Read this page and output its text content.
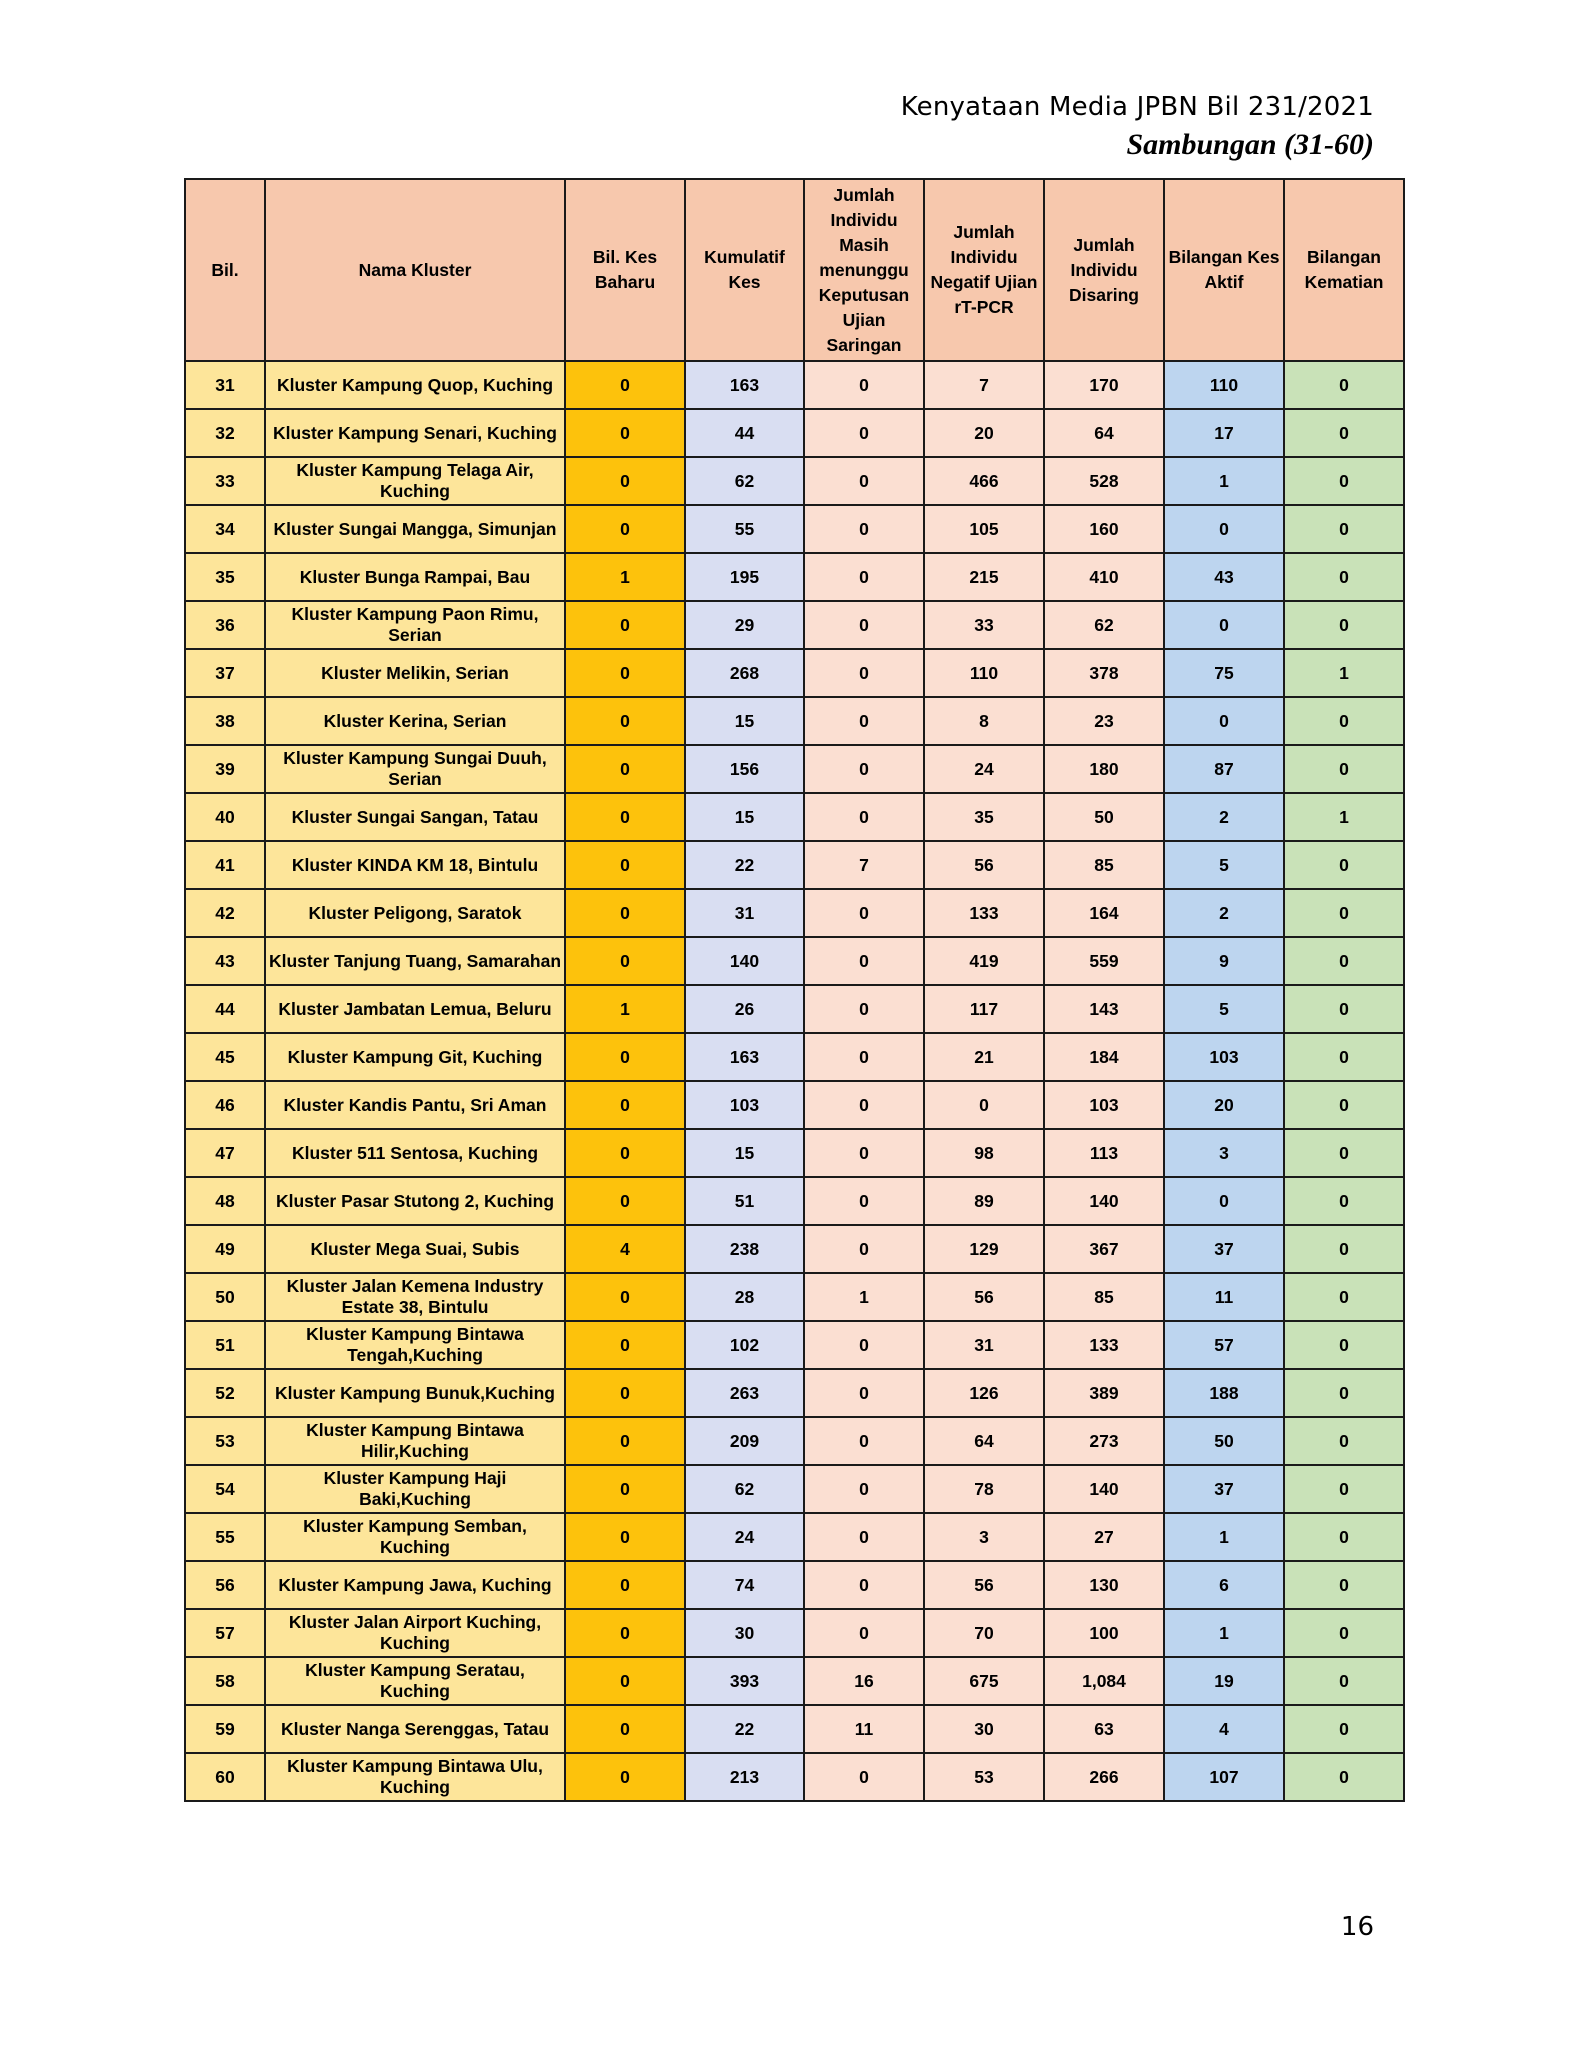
Kenyataan Media JPBN Bil 231/2021
Sambungan (31-60)
Bil.	Nama Kluster	Bil. Kes Baharu	Kumulatif Kes	Jumlah Individu Masih menunggu Keputusan Ujian Saringan	Jumlah Individu Negatif Ujian rT-PCR	Jumlah Individu Disaring	Bilangan Kes Aktif	Bilangan Kematian
31	Kluster Kampung Quop, Kuching	0	163	0	7	170	110	0
32	Kluster Kampung Senari, Kuching	0	44	0	20	64	17	0
33	Kluster Kampung Telaga Air, Kuching	0	62	0	466	528	1	0
34	Kluster Sungai Mangga, Simunjan	0	55	0	105	160	0	0
35	Kluster Bunga Rampai, Bau	1	195	0	215	410	43	0
36	Kluster Kampung Paon Rimu, Serian	0	29	0	33	62	0	0
37	Kluster Melikin, Serian	0	268	0	110	378	75	1
38	Kluster Kerina, Serian	0	15	0	8	23	0	0
39	Kluster Kampung Sungai Duuh, Serian	0	156	0	24	180	87	0
40	Kluster Sungai Sangan, Tatau	0	15	0	35	50	2	1
41	Kluster KINDA KM 18, Bintulu	0	22	7	56	85	5	0
42	Kluster Peligong, Saratok	0	31	0	133	164	2	0
43	Kluster Tanjung Tuang, Samarahan	0	140	0	419	559	9	0
44	Kluster Jambatan Lemua, Beluru	1	26	0	117	143	5	0
45	Kluster Kampung Git, Kuching	0	163	0	21	184	103	0
46	Kluster Kandis Pantu, Sri Aman	0	103	0	0	103	20	0
47	Kluster 511 Sentosa, Kuching	0	15	0	98	113	3	0
48	Kluster Pasar Stutong 2, Kuching	0	51	0	89	140	0	0
49	Kluster Mega Suai, Subis	4	238	0	129	367	37	0
50	Kluster Jalan Kemena Industry Estate 38, Bintulu	0	28	1	56	85	11	0
51	Kluster Kampung Bintawa Tengah,Kuching	0	102	0	31	133	57	0
52	Kluster Kampung Bunuk,Kuching	0	263	0	126	389	188	0
53	Kluster Kampung Bintawa Hilir,Kuching	0	209	0	64	273	50	0
54	Kluster Kampung Haji Baki,Kuching	0	62	0	78	140	37	0
55	Kluster Kampung Semban, Kuching	0	24	0	3	27	1	0
56	Kluster Kampung Jawa, Kuching	0	74	0	56	130	6	0
57	Kluster Jalan Airport Kuching, Kuching	0	30	0	70	100	1	0
58	Kluster Kampung Seratau, Kuching	0	393	16	675	1,084	19	0
59	Kluster Nanga Serenggas, Tatau	0	22	11	30	63	4	0
60	Kluster Kampung Bintawa Ulu, Kuching	0	213	0	53	266	107	0
16
